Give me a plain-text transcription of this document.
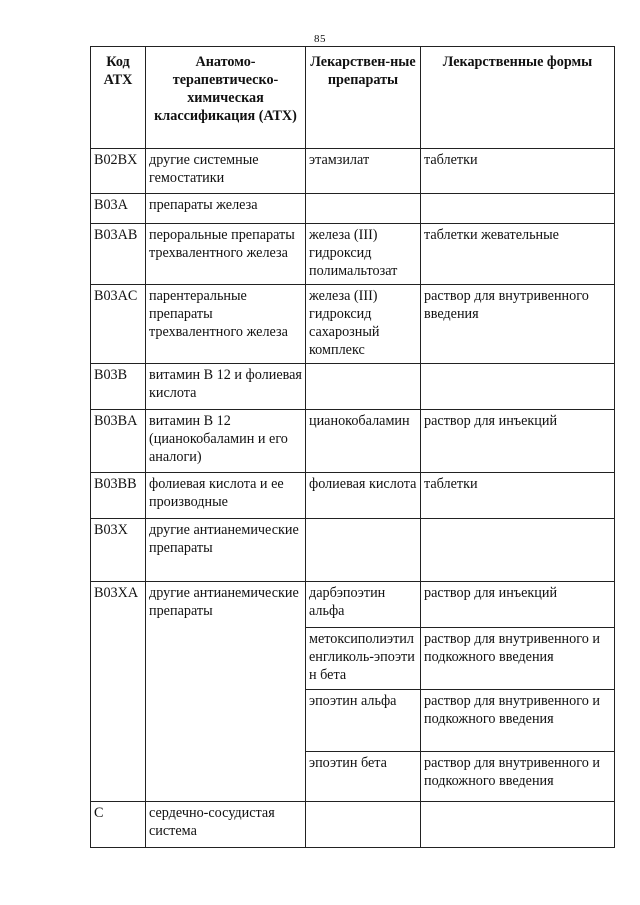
85
Код АТХ	Анатомо-терапевтическо-химическая классификация (АТХ)	Лекарствен-ные препараты	Лекарственные формы
B02BX	другие системные гемостатики	этамзилат	таблетки
B03A	препараты железа		
B03AB	пероральные препараты трехвалентного железа	железа (III) гидроксид полимальтозат	таблетки жевательные
B03AC	парентеральные препараты трехвалентного железа	железа (III) гидроксид сахарозный комплекс	раствор для внутривенного введения
B03B	витамин В 12 и фолиевая кислота		
B03BA	витамин В 12 (цианокобаламин и его аналоги)	цианокобаламин	раствор для инъекций
B03BB	фолиевая кислота и ее производные	фолиевая кислота	таблетки
B03X	другие антианемические препараты		
B03XA	другие антианемические препараты	дарбэпоэтин альфа	раствор для инъекций
		метоксиполиэтиленгликоль-эпоэтин бета	раствор для внутривенного и подкожного введения
		эпоэтин альфа	раствор для внутривенного и подкожного введения
		эпоэтин бета	раствор для внутривенного и подкожного введения
C	сердечно-сосудистая система		
